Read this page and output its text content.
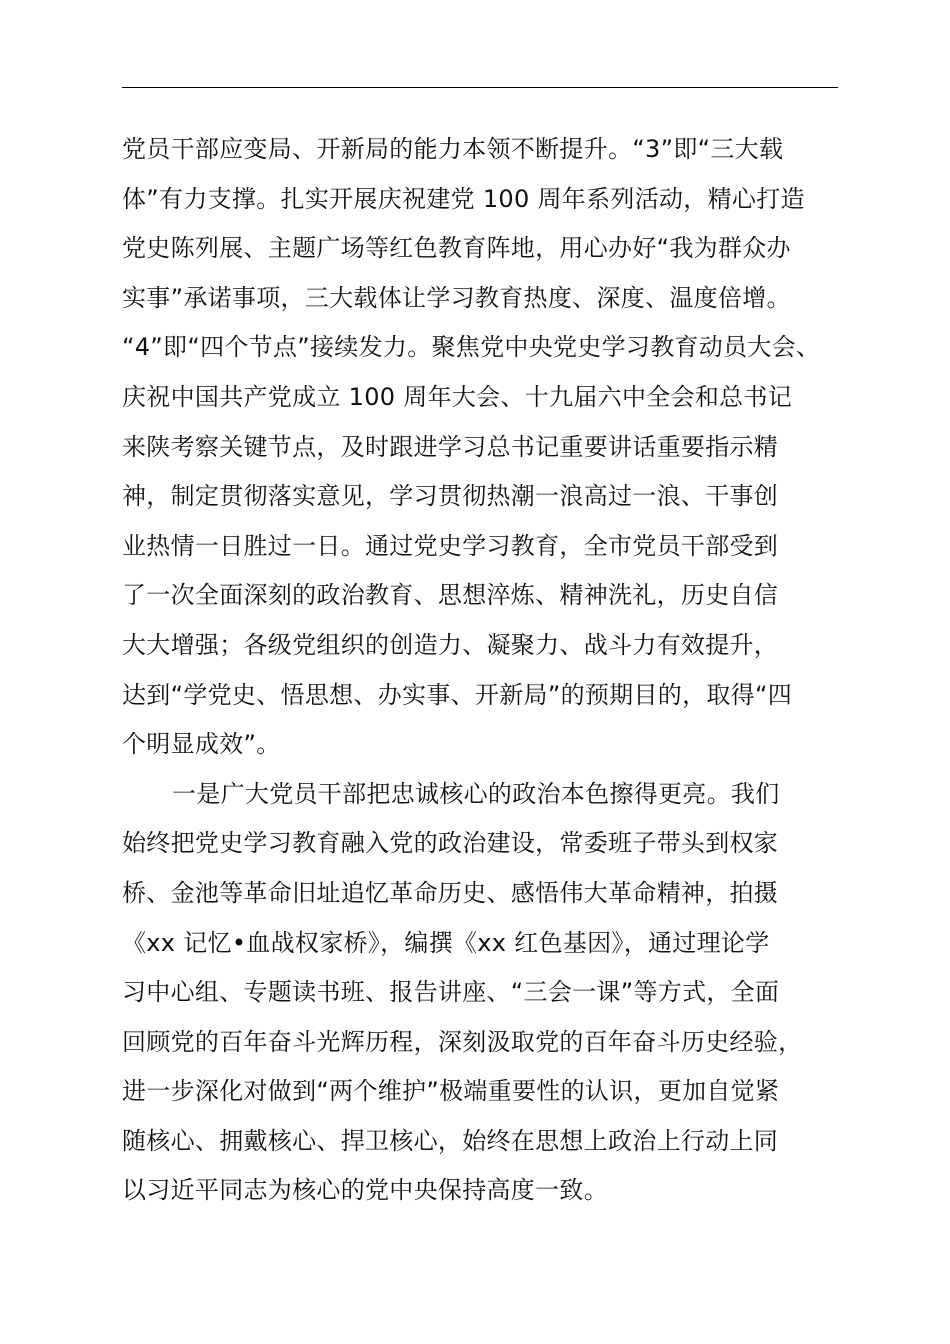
党员干部应变局、开新局的能力本领不断提升。“3”即“三大载
体”有力支撑。扎实开展庆祝建党 100 周年系列活动，精心打造
党史陈列展、主题广场等红色教育阵地，用心办好“我为群众办
实事”承诺事项，三大载体让学习教育热度、深度、温度倍增。
“4”即“四个节点”接续发力。聚焦党中央党史学习教育动员大会、
庆祝中国共产党成立 100 周年大会、十九届六中全会和总书记
来陕考察关键节点，及时跟进学习总书记重要讲话重要指示精
神，制定贯彻落实意见，学习贯彻热潮一浪高过一浪、干事创
业热情一日胜过一日。通过党史学习教育，全市党员干部受到
了一次全面深刻的政治教育、思想淬炼、精神洗礼，历史自信
大大增强；各级党组织的创造力、凝聚力、战斗力有效提升，
达到“学党史、悟思想、办实事、开新局”的预期目的，取得“四
个明显成效”。
一是广大党员干部把忠诚核心的政治本色擦得更亮。我们
始终把党史学习教育融入党的政治建设，常委班子带头到权家
桥、金池等革命旧址追忆革命历史、感悟伟大革命精神，拍摄
《xx 记忆•血战权家桥》，编撰《xx 红色基因》，通过理论学
习中心组、专题读书班、报告讲座、“三会一课”等方式，全面
回顾党的百年奋斗光辉历程，深刻汲取党的百年奋斗历史经验，
进一步深化对做到“两个维护”极端重要性的认识，更加自觉紧
随核心、拥戴核心、捍卫核心，始终在思想上政治上行动上同
以习近平同志为核心的党中央保持高度一致。
